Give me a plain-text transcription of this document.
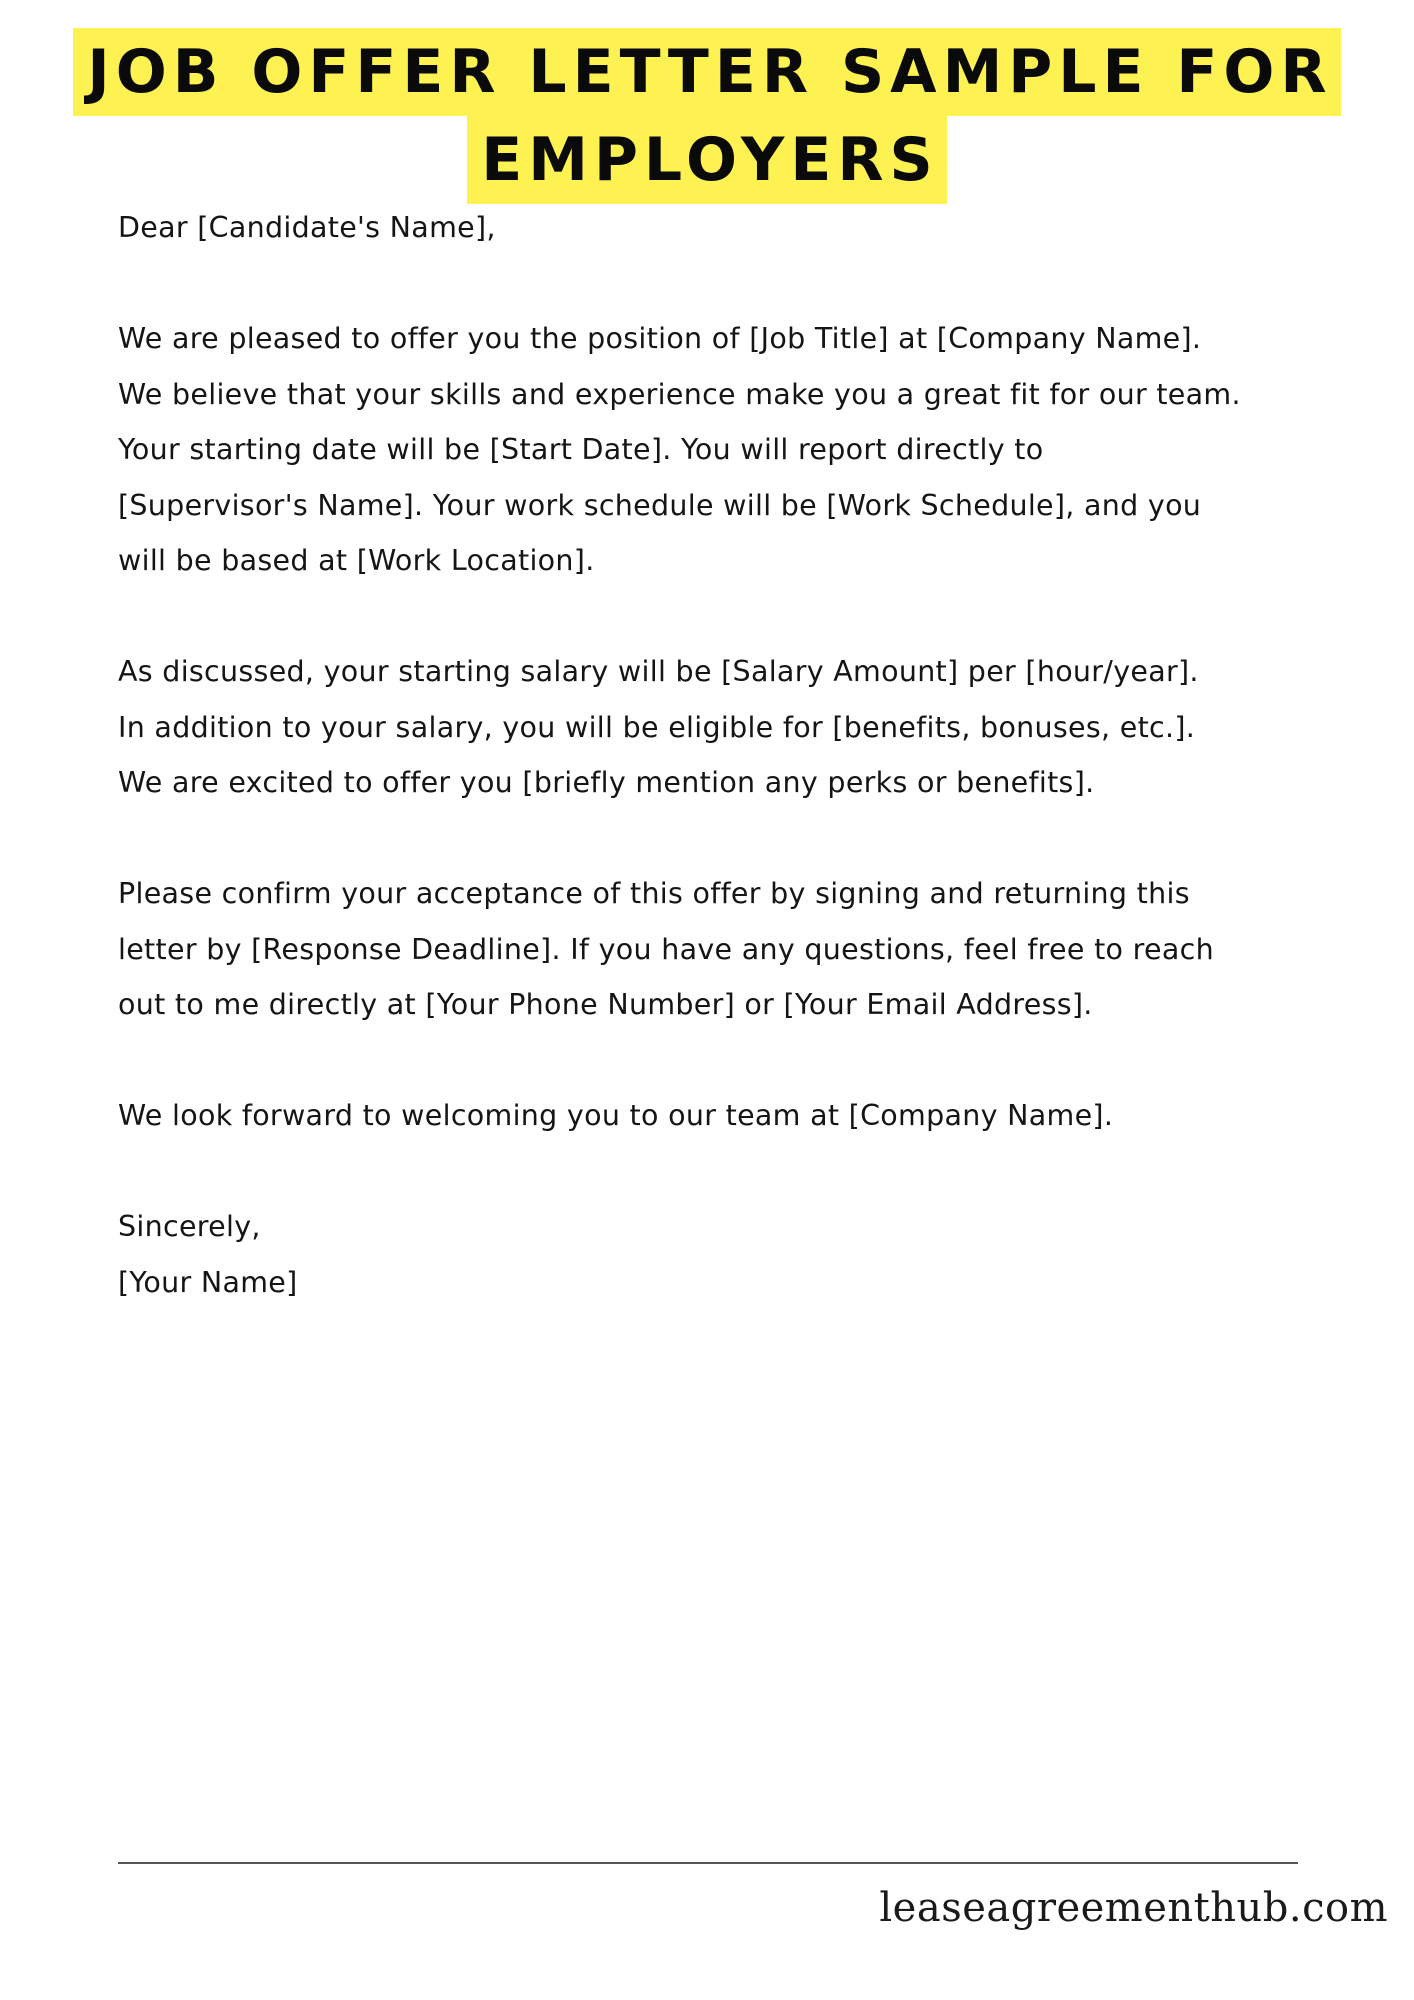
JOB OFFER LETTER SAMPLE FOR
EMPLOYERS

Dear [Candidate's Name],

We are pleased to offer you the position of [Job Title] at [Company Name].
We believe that your skills and experience make you a great fit for our team.
Your starting date will be [Start Date]. You will report directly to
[Supervisor's Name]. Your work schedule will be [Work Schedule], and you
will be based at [Work Location].

As discussed, your starting salary will be [Salary Amount] per [hour/year].
In addition to your salary, you will be eligible for [benefits, bonuses, etc.].
We are excited to offer you [briefly mention any perks or benefits].

Please confirm your acceptance of this offer by signing and returning this
letter by [Response Deadline]. If you have any questions, feel free to reach
out to me directly at [Your Phone Number] or [Your Email Address].

We look forward to welcoming you to our team at [Company Name].

Sincerely,

[Your Name]

leaseagreementhub.com
